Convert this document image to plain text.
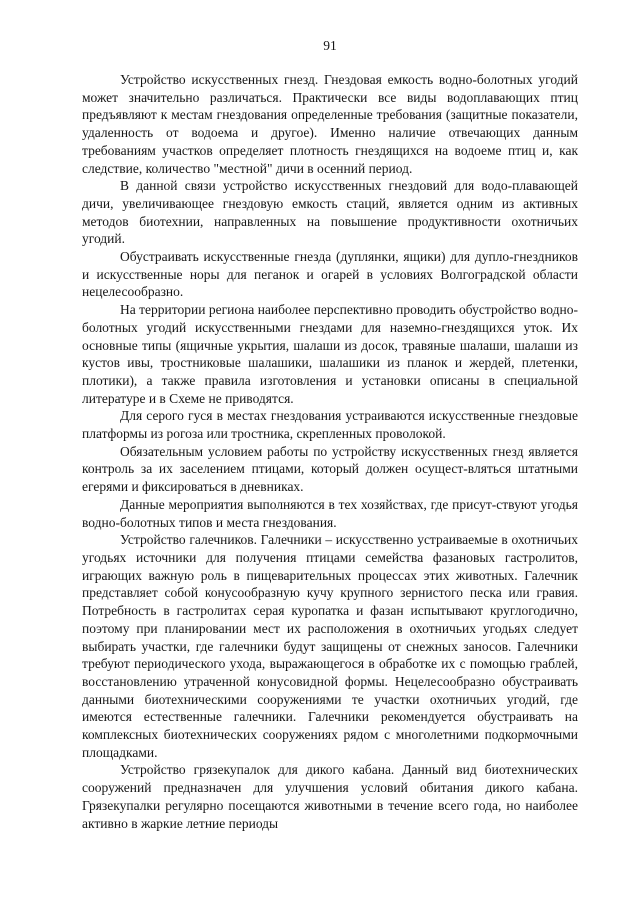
91

Устройство искусственных гнезд. Гнездовая емкость водно-болотных угодий может значительно различаться. Практически все виды водоплавающих птиц предъявляют к местам гнездования определенные требования (защитные показатели, удаленность от водоема и другое). Именно наличие отвечающих данным требованиям участков определяет плотность гнездящихся на водоеме птиц и, как следствие, количество "местной" дичи в осенний период.

В данной связи устройство искусственных гнездовий для водо-плавающей дичи, увеличивающее гнездовую емкость стаций, является одним из активных методов биотехнии, направленных на повышение продуктивности охотничьих угодий.

Обустраивать искусственные гнезда (дуплянки, ящики) для дупло-гнездников и искусственные норы для пеганок и огарей в условиях Волгоградской области нецелесообразно.

На территории региона наиболее перспективно проводить обустройство водно-болотных угодий искусственными гнездами для наземно-гнездящихся уток. Их основные типы (ящичные укрытия, шалаши из досок, травяные шалаши, шалаши из кустов ивы, тростниковые шалашики, шалашики из планок и жердей, плетенки, плотики), а также правила изготовления и установки описаны в специальной литературе и в Схеме не приводятся.

Для серого гуся в местах гнездования устраиваются искусственные гнездовые платформы из рогоза или тростника, скрепленных проволокой.

Обязательным условием работы по устройству искусственных гнезд является контроль за их заселением птицами, который должен осущест-вляться штатными егерями и фиксироваться в дневниках.

Данные мероприятия выполняются в тех хозяйствах, где присут-ствуют угодья водно-болотных типов и места гнездования.

Устройство галечников. Галечники – искусственно устраиваемые в охотничьих угодьях источники для получения птицами семейства фазановых гастролитов, играющих важную роль в пищеварительных процессах этих животных. Галечник представляет собой конусообразную кучу крупного зернистого песка или гравия. Потребность в гастролитах серая куропатка и фазан испытывают круглогодично, поэтому при планировании мест их расположения в охотничьих угодьях следует выбирать участки, где галечники будут защищены от снежных заносов. Галечники требуют периодического ухода, выражающегося в обработке их с помощью граблей, восстановлению утраченной конусовидной формы. Нецелесообразно обустраивать данными биотехническими сооружениями те участки охотничьих угодий, где имеются естественные галечники. Галечники рекомендуется обустраивать на комплексных биотехнических сооружениях рядом с многолетними подкормочными площадками.

Устройство грязекупалок для дикого кабана. Данный вид биотехнических сооружений предназначен для улучшения условий обитания дикого кабана. Грязекупалки регулярно посещаются животными в течение всего года, но наиболее активно в жаркие летние периоды
